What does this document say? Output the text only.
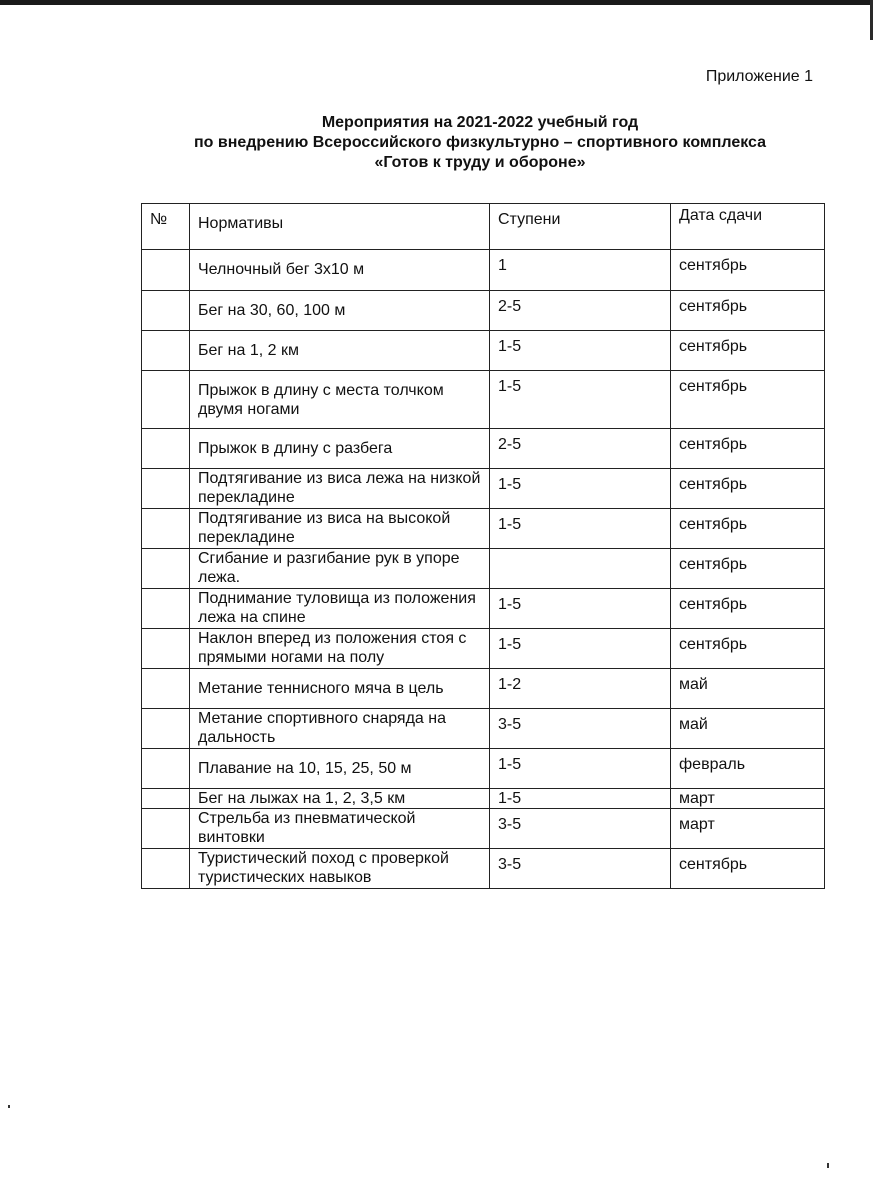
Приложение 1
Мероприятия на 2021-2022 учебный год
по внедрению Всероссийского физкультурно – спортивного комплекса
«Готов к труду и обороне»
№	Нормативы	Ступени	Дата сдачи
	Челночный бег 3х10 м	1	сентябрь
	Бег на 30, 60, 100 м	2-5	сентябрь
	Бег на 1, 2 км	1-5	сентябрь
	Прыжок в длину с места толчком двумя ногами	1-5	сентябрь
	Прыжок в длину с разбега	2-5	сентябрь
	Подтягивание из виса лежа на низкой перекладине	1-5	сентябрь
	Подтягивание из виса на высокой перекладине	1-5	сентябрь
	Сгибание и разгибание рук в упоре лежа.		сентябрь
	Поднимание туловища из положения лежа на спине	1-5	сентябрь
	Наклон вперед из положения стоя с прямыми ногами на полу	1-5	сентябрь
	Метание теннисного мяча в цель	1-2	май
	Метание спортивного снаряда на дальность	3-5	май
	Плавание на 10, 15, 25, 50 м	1-5	февраль
	Бег на лыжах на 1, 2, 3,5 км	1-5	март
	Стрельба из пневматической винтовки	3-5	март
	Туристический поход с проверкой туристических навыков	3-5	сентябрь
